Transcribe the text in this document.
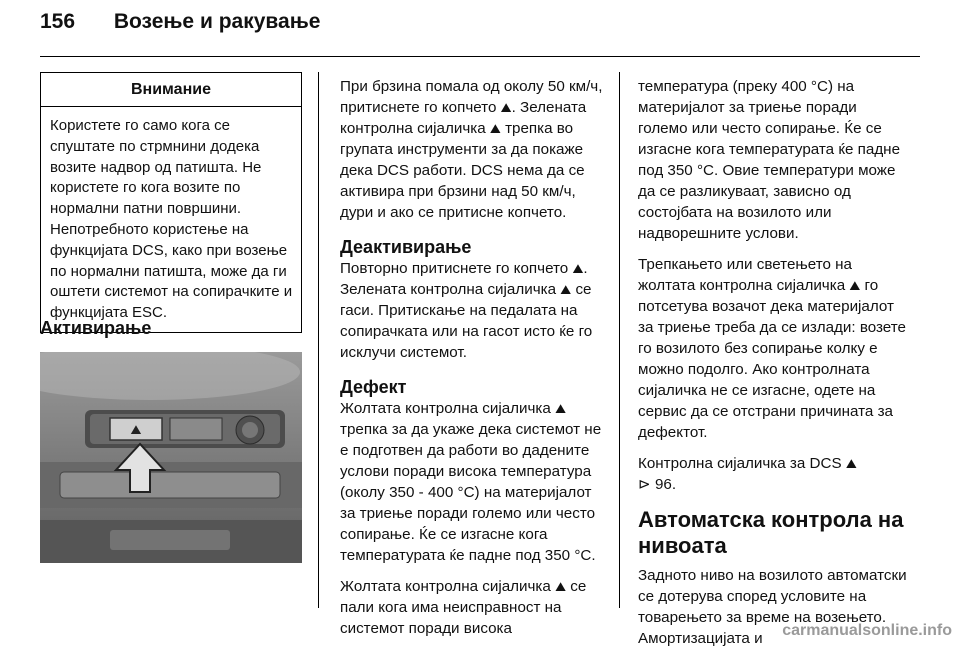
156 Возење и ракување
Внимание
Користете го само кога се спуштате по стрмнини додека возите надвор од патишта. Не користете го кога возите по нормални патни површини. Непотребното користење на функцијата DCS, како при возење по нормални патишта, може да ги оштети системот на сопирачките и функцијата ESC.
Активирање
⛰

При брзина помала од околу 50 км/ч, притиснете го копчето ⛰. Зелената контролна сијаличка ⛰ трепка во групата инструменти за да покаже дека DCS работи. DCS нема да се активира при брзини над 50 км/ч, дури и ако се притисне копчето.

Деактивирање

Повторно притиснете го копчето ⛰. Зелената контролна сијаличка ⛰ се гаси. Притискање на педалата на сопирачката или на гасот исто ќе го исклучи системот.

Дефект

Жолтата контролна сијаличка ⛰ трепка за да укаже дека системот не е подготвен да работи во дадените услови поради висока температура (околу 350 - 400 °C) на материјалот за триење поради големо или често сопирање. Ќе се изгасне кога температурата ќе падне под 350 °C.

Жолтата контролна сијаличка ⛰ се пали кога има неисправност на системот поради висока

температура (преку 400 °C) на материјалот за триење поради големо или често сопирање. Ќе се изгасне кога температурата ќе падне под 350 °C. Овие температури може да се разликуваат, зависно од состојбата на возилото или надворешните услови.

Трепкањето или светењето на жолтата контролна сијаличка ⛰ го потсетува возачот дека материјалот за триење треба да се излади: возете го возилото без сопирање колку е можно подолго. Ако контролната сијаличка не се изгасне, одете на сервис да се отстрани причината за дефектот.

Контролна сијаличка за DCS ⛰
⊳ 96.

Автоматска контрола на нивоата

Задното ниво на возилото автоматски се дотерува според условите на товарењето за време на возењето. Амортизацијата и	carmanualsonline.info
